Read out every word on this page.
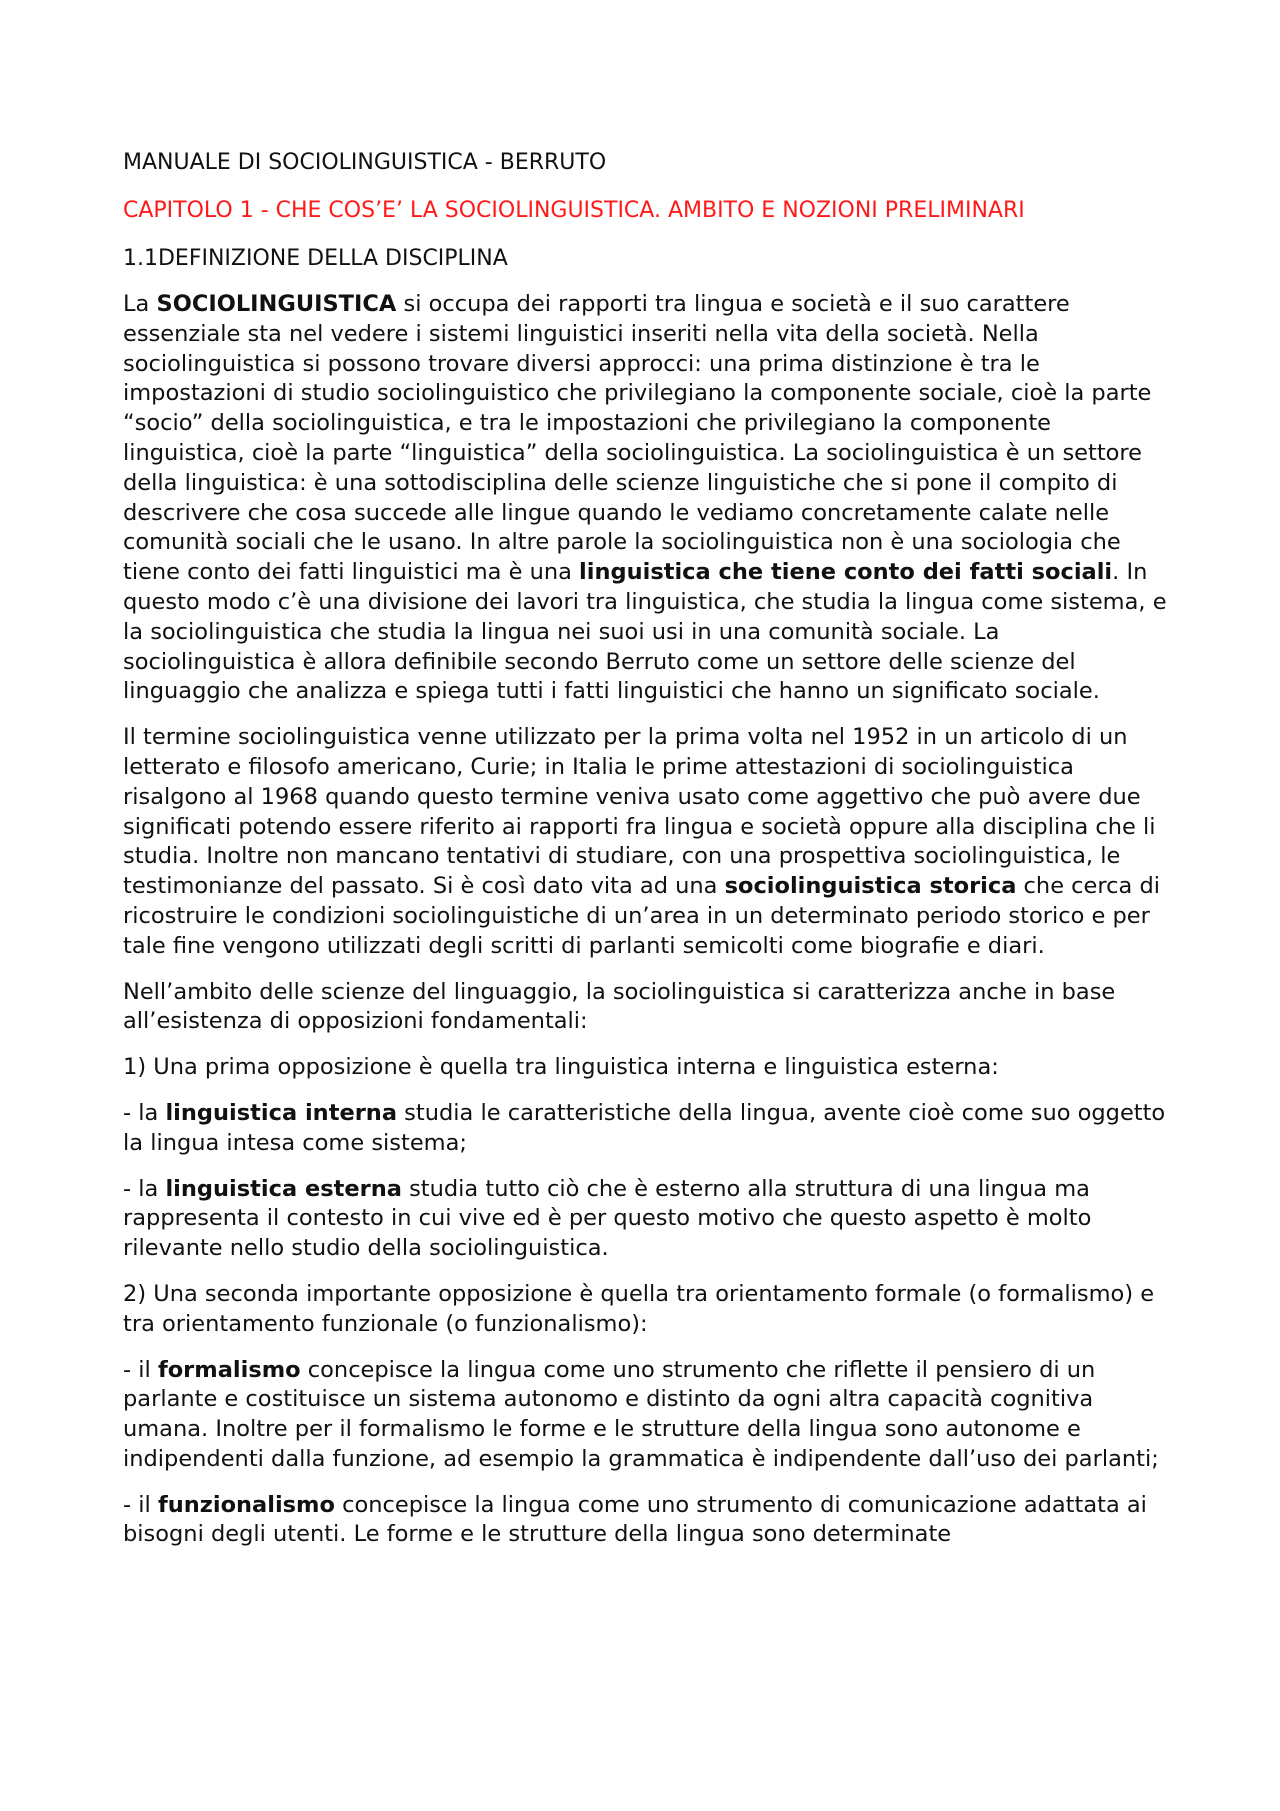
MANUALE DI SOCIOLINGUISTICA - BERRUTO
CAPITOLO 1 - CHE COS’E’ LA SOCIOLINGUISTICA. AMBITO E NOZIONI PRELIMINARI
1.1DEFINIZIONE DELLA DISCIPLINA

La SOCIOLINGUISTICA si occupa dei rapporti tra lingua e società e il suo carattere essenziale sta nel vedere i sistemi linguistici inseriti nella vita della società. Nella sociolinguistica si possono trovare diversi approcci: una prima distinzione è tra le impostazioni di studio sociolinguistico che privilegiano la componente sociale, cioè la parte “socio” della sociolinguistica, e tra le impostazioni che privilegiano la componente linguistica, cioè la parte “linguistica” della sociolinguistica. La sociolinguistica è un settore della linguistica: è una sottodisciplina delle scienze linguistiche che si pone il compito di descrivere che cosa succede alle lingue quando le vediamo concretamente calate nelle comunità sociali che le usano. In altre parole la sociolinguistica non è una sociologia che tiene conto dei fatti linguistici ma è una linguistica che tiene conto dei fatti sociali. In questo modo c’è una divisione dei lavori tra linguistica, che studia la lingua come sistema, e la sociolinguistica che studia la lingua nei suoi usi in una comunità sociale. La sociolinguistica è allora definibile secondo Berruto come un settore delle scienze del linguaggio che analizza e spiega tutti i fatti linguistici che hanno un significato sociale.

Il termine sociolinguistica venne utilizzato per la prima volta nel 1952 in un articolo di un letterato e filosofo americano, Curie; in Italia le prime attestazioni di sociolinguistica risalgono al 1968 quando questo termine veniva usato come aggettivo che può avere due significati potendo essere riferito ai rapporti fra lingua e società oppure alla disciplina che li studia. Inoltre non mancano tentativi di studiare, con una prospettiva sociolinguistica, le testimonianze del passato. Si è così dato vita ad una sociolinguistica storica che cerca di ricostruire le condizioni sociolinguistiche di un’area in un determinato periodo storico e per tale fine vengono utilizzati degli scritti di parlanti semicolti come biografie e diari.

Nell’ambito delle scienze del linguaggio, la sociolinguistica si caratterizza anche in base all’esistenza di opposizioni fondamentali:

1) Una prima opposizione è quella tra linguistica interna e linguistica esterna:

- la linguistica interna studia le caratteristiche della lingua, avente cioè come suo oggetto la lingua intesa come sistema;

- la linguistica esterna studia tutto ciò che è esterno alla struttura di una lingua ma rappresenta il contesto in cui vive ed è per questo motivo che questo aspetto è molto rilevante nello studio della sociolinguistica.

2) Una seconda importante opposizione è quella tra orientamento formale (o formalismo) e tra orientamento funzionale (o funzionalismo):

- il formalismo concepisce la lingua come uno strumento che riflette il pensiero di un parlante e costituisce un sistema autonomo e distinto da ogni altra capacità cognitiva umana. Inoltre per il formalismo le forme e le strutture della lingua sono autonome e indipendenti dalla funzione, ad esempio la grammatica è indipendente dall’uso dei parlanti;

- il funzionalismo concepisce la lingua come uno strumento di comunicazione adattata ai bisogni degli utenti. Le forme e le strutture della lingua sono determinate
